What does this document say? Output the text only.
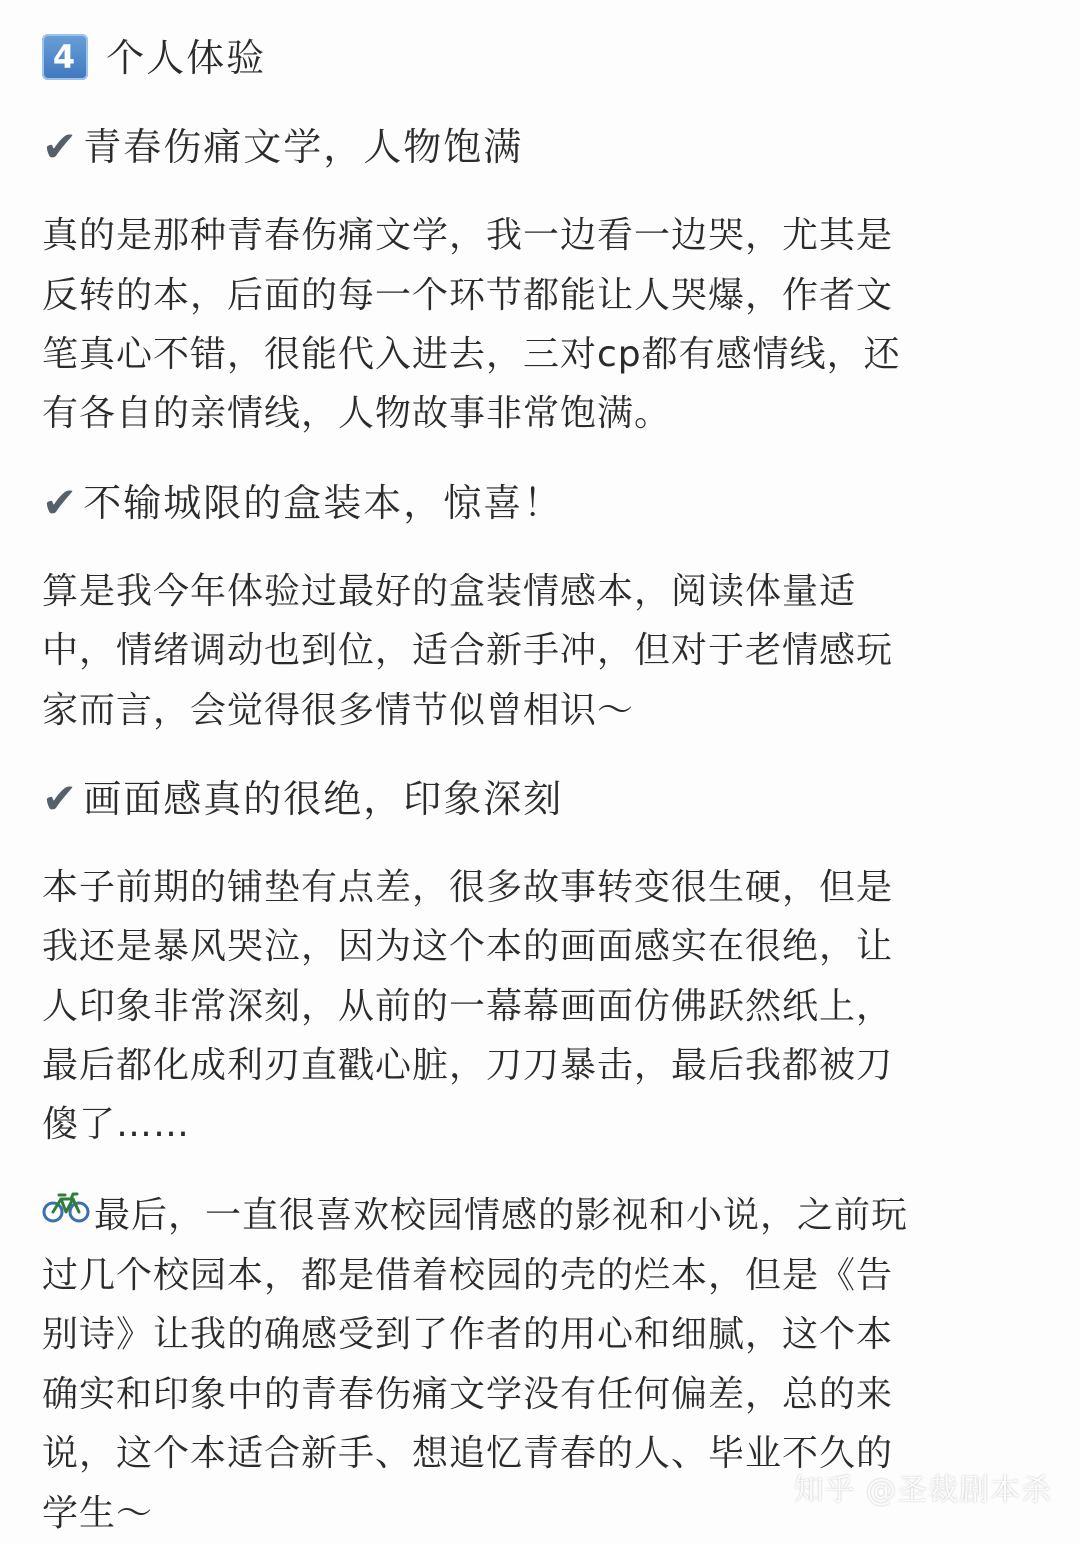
4 个人体验
✔ 青春伤痛文学，人物饱满
真的是那种青春伤痛文学，我一边看一边哭，尤其是
反转的本，后面的每一个环节都能让人哭爆，作者文
笔真心不错，很能代入进去，三对cp都有感情线，还
有各自的亲情线，人物故事非常饱满。
✔ 不输城限的盒装本，惊喜！
算是我今年体验过最好的盒装情感本，阅读体量适
中，情绪调动也到位，适合新手冲，但对于老情感玩
家而言，会觉得很多情节似曾相识～
✔ 画面感真的很绝，印象深刻
本子前期的铺垫有点差，很多故事转变很生硬，但是
我还是暴风哭泣，因为这个本的画面感实在很绝，让
人印象非常深刻，从前的一幕幕画面仿佛跃然纸上，
最后都化成利刃直戳心脏，刀刀暴击，最后我都被刀
傻了……
最后，一直很喜欢校园情感的影视和小说，之前玩
过几个校园本，都是借着校园的壳的烂本，但是《告
别诗》让我的确感受到了作者的用心和细腻，这个本
确实和印象中的青春伤痛文学没有任何偏差，总的来
说，这个本适合新手、想追忆青春的人、毕业不久的
学生～
知乎 @圣裁剧本杀
